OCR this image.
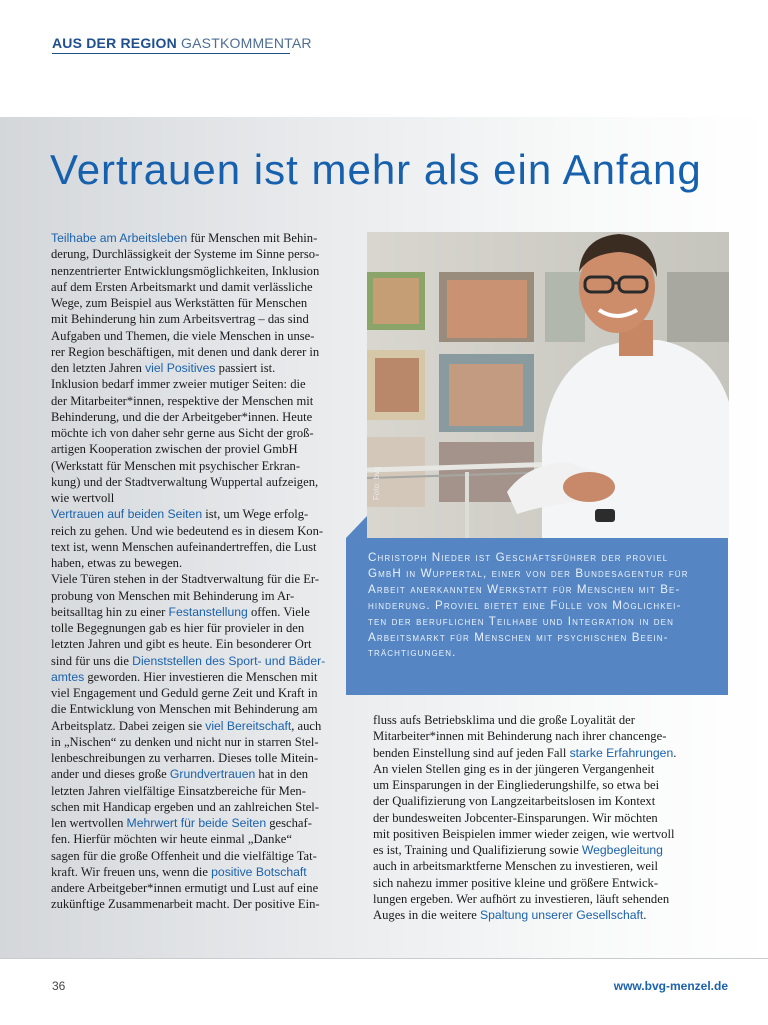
AUS DER REGION GASTKOMMENTAR
Vertrauen ist mehr als ein Anfang
Teilhabe am Arbeitsleben für Menschen mit Behin-
derung, Durchlässigkeit der Systeme im Sinne perso-
nenzentrierter Entwicklungsmöglichkeiten, Inklusion
auf dem Ersten Arbeitsmarkt und damit verlässliche
Wege, zum Beispiel aus Werkstätten für Menschen
mit Behinderung hin zum Arbeitsvertrag – das sind
Aufgaben und Themen, die viele Menschen in unse-
rer Region beschäftigen, mit denen und dank derer in
den letzten Jahren viel Positives passiert ist.
Inklusion bedarf immer zweier mutiger Seiten: die
der Mitarbeiter*innen, respektive der Menschen mit
Behinderung, und die der Arbeitgeber*innen. Heute
möchte ich von daher sehr gerne aus Sicht der groß-
artigen Kooperation zwischen der proviel GmbH
(Werkstatt für Menschen mit psychischer Erkran-
kung) und der Stadtverwaltung Wuppertal aufzeigen,
wie wertvoll
Vertrauen auf beiden Seiten ist, um Wege erfolg-
reich zu gehen. Und wie bedeutend es in diesem Kon-
text ist, wenn Menschen aufeinandertreffen, die Lust
haben, etwas zu bewegen.
Viele Türen stehen in der Stadtverwaltung für die Er-
probung von Menschen mit Behinderung im Ar-
beitsalltag hin zu einer Festanstellung offen. Viele
tolle Begegnungen gab es hier für provieler in den
letzten Jahren und gibt es heute. Ein besonderer Ort
sind für uns die Dienststellen des Sport- und Bäder-
amtes geworden. Hier investieren die Menschen mit
viel Engagement und Geduld gerne Zeit und Kraft in
die Entwicklung von Menschen mit Behinderung am
Arbeitsplatz. Dabei zeigen sie viel Bereitschaft, auch
in „Nischen“ zu denken und nicht nur in starren Stel-
lenbeschreibungen zu verharren. Dieses tolle Mitein-
ander und dieses große Grundvertrauen hat in den
letzten Jahren vielfältige Einsatzbereiche für Men-
schen mit Handicap ergeben und an zahlreichen Stel-
len wertvollen Mehrwert für beide Seiten geschaf-
fen. Hierfür möchten wir heute einmal „Danke“
sagen für die große Offenheit und die vielfältige Tat-
kraft. Wir freuen uns, wenn die positive Botschaft
andere Arbeitgeber*innen ermutigt und Lust auf eine
zukünftige Zusammenarbeit macht. Der positive Ein-
Foto: bvg
Christoph Nieder ist Geschäftsführer der proviel
GmbH in Wuppertal, einer von der Bundesagentur für
Arbeit anerkannten Werkstatt für Menschen mit Be-
hinderung. Proviel bietet eine Fülle von Möglichkei-
ten der beruflichen Teilhabe und Integration in den
Arbeitsmarkt für Menschen mit psychischen Beein-
trächtigungen.
fluss aufs Betriebsklima und die große Loyalität der
Mitarbeiter*innen mit Behinderung nach ihrer chancenge-
benden Einstellung sind auf jeden Fall starke Erfahrungen.
An vielen Stellen ging es in der jüngeren Vergangenheit
um Einsparungen in der Eingliederungshilfe, so etwa bei
der Qualifizierung von Langzeitarbeitslosen im Kontext
der bundesweiten Jobcenter-Einsparungen. Wir möchten
mit positiven Beispielen immer wieder zeigen, wie wertvoll
es ist, Training und Qualifizierung sowie Wegbegleitung
auch in arbeitsmarktferne Menschen zu investieren, weil
sich nahezu immer positive kleine und größere Entwick-
lungen ergeben. Wer aufhört zu investieren, läuft sehenden
Auges in die weitere Spaltung unserer Gesellschaft.
36	www.bvg-menzel.de
